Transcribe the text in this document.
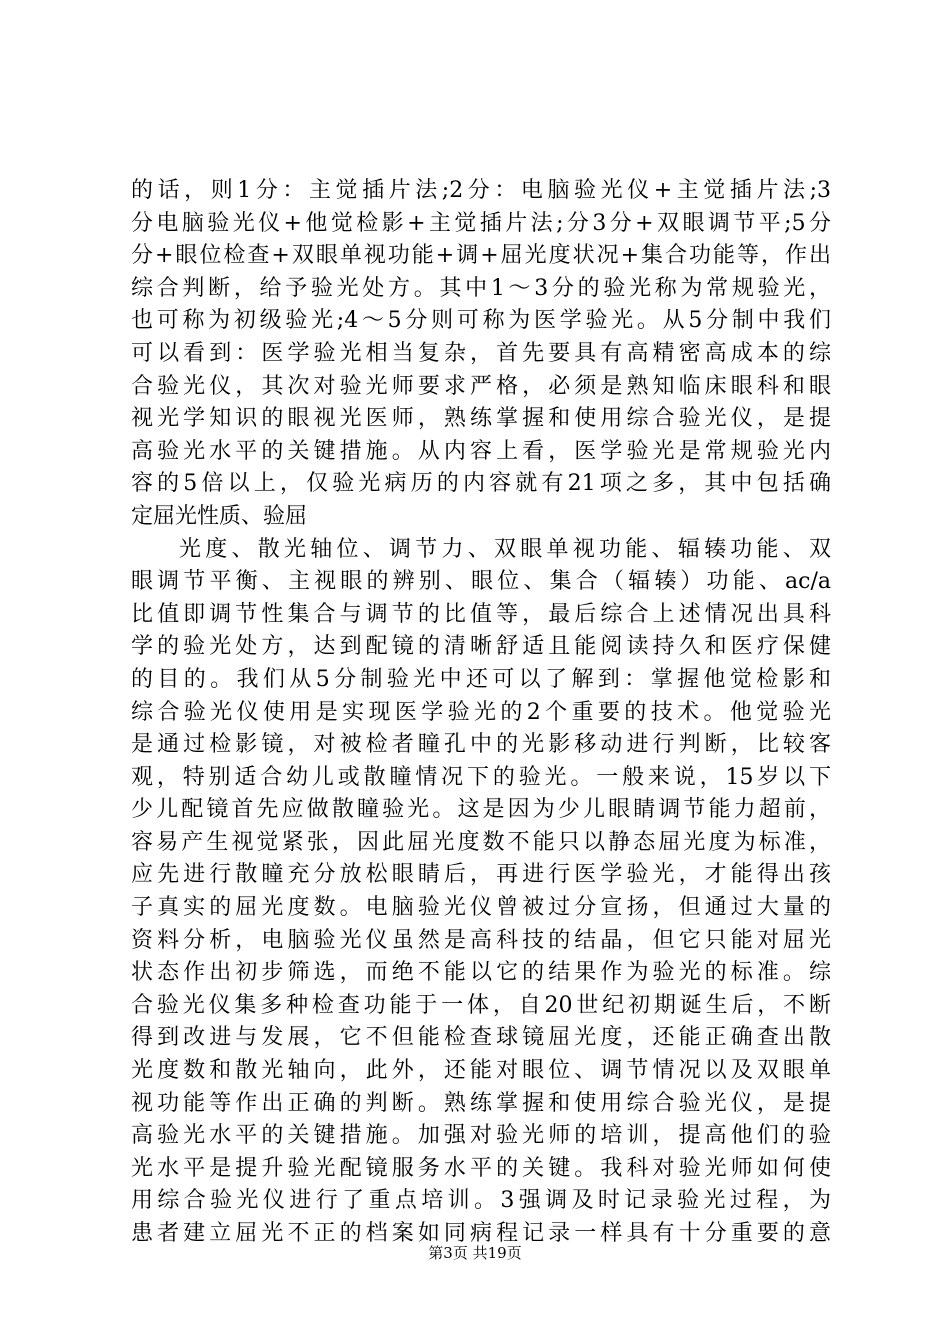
的话，则1分：主觉插片法;2分：电脑验光仪+主觉插片法;3
分电脑验光仪+他觉检影+主觉插片法;分3分+双眼调节平;5分
分+眼位检查+双眼单视功能+调+屈光度状况+集合功能等，作出
综合判断，给予验光处方。其中1～3分的验光称为常规验光，
也可称为初级验光;4～5分则可称为医学验光。从5分制中我们
可以看到：医学验光相当复杂，首先要具有高精密高成本的综
合验光仪，其次对验光师要求严格，必须是熟知临床眼科和眼
视光学知识的眼视光医师，熟练掌握和使用综合验光仪，是提
高验光水平的关键措施。从内容上看，医学验光是常规验光内
容的5倍以上，仅验光病历的内容就有21项之多，其中包括确
定屈光性质、验屈
光度、散光轴位、调节力、双眼单视功能、辐辏功能、双
眼调节平衡、主视眼的辨别、眼位、集合（辐辏）功能、ac/a
比值即调节性集合与调节的比值等，最后综合上述情况出具科
学的验光处方，达到配镜的清晰舒适且能阅读持久和医疗保健
的目的。我们从5分制验光中还可以了解到：掌握他觉检影和
综合验光仪使用是实现医学验光的2个重要的技术。他觉验光
是通过检影镜，对被检者瞳孔中的光影移动进行判断，比较客
观，特别适合幼儿或散瞳情况下的验光。一般来说，15岁以下
少儿配镜首先应做散瞳验光。这是因为少儿眼睛调节能力超前，
容易产生视觉紧张，因此屈光度数不能只以静态屈光度为标准，
应先进行散瞳充分放松眼睛后，再进行医学验光，才能得出孩
子真实的屈光度数。电脑验光仪曾被过分宣扬，但通过大量的
资料分析，电脑验光仪虽然是高科技的结晶，但它只能对屈光
状态作出初步筛选，而绝不能以它的结果作为验光的标准。综
合验光仪集多种检查功能于一体，自20世纪初期诞生后，不断
得到改进与发展，它不但能检查球镜屈光度，还能正确查出散
光度数和散光轴向，此外，还能对眼位、调节情况以及双眼单
视功能等作出正确的判断。熟练掌握和使用综合验光仪，是提
高验光水平的关键措施。加强对验光师的培训，提高他们的验
光水平是提升验光配镜服务水平的关键。我科对验光师如何使
用综合验光仪进行了重点培训。3强调及时记录验光过程，为
患者建立屈光不正的档案如同病程记录一样具有十分重要的意
第3页 共19页
